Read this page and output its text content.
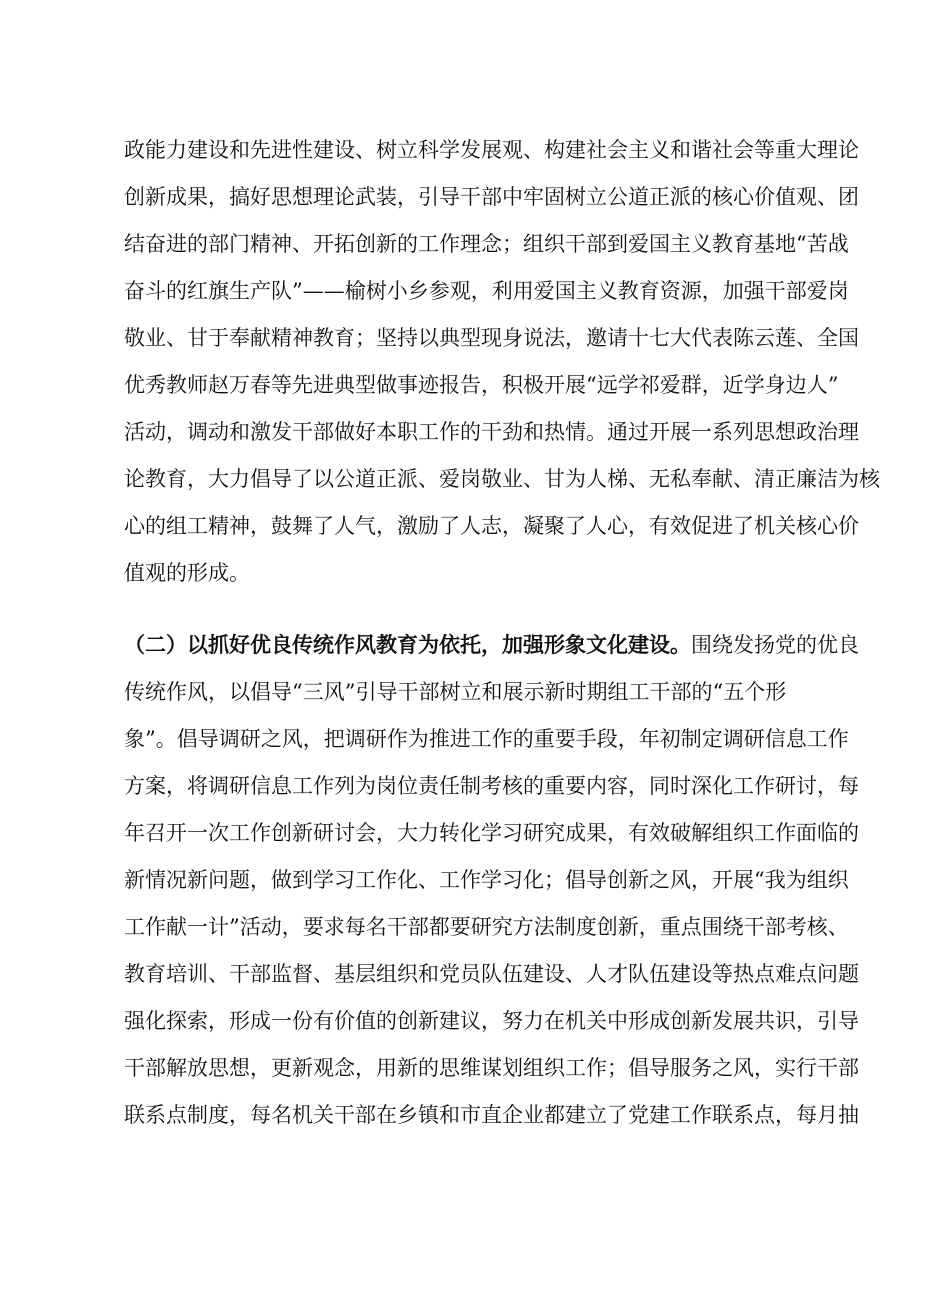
政能力建设和先进性建设、树立科学发展观、构建社会主义和谐社会等重大理论
创新成果，搞好思想理论武装，引导干部中牢固树立公道正派的核心价值观、团
结奋进的部门精神、开拓创新的工作理念；组织干部到爱国主义教育基地“苦战
奋斗的红旗生产队”——榆树小乡参观，利用爱国主义教育资源，加强干部爱岗
敬业、甘于奉献精神教育；坚持以典型现身说法，邀请十七大代表陈云莲、全国
优秀教师赵万春等先进典型做事迹报告，积极开展“远学祁爱群，近学身边人”
活动，调动和激发干部做好本职工作的干劲和热情。通过开展一系列思想政治理
论教育，大力倡导了以公道正派、爱岗敬业、甘为人梯、无私奉献、清正廉洁为核
心的组工精神，鼓舞了人气，激励了人志，凝聚了人心，有效促进了机关核心价
值观的形成。
（二）以抓好优良传统作风教育为依托，加强形象文化建设。围绕发扬党的优良
传统作风，以倡导“三风”引导干部树立和展示新时期组工干部的“五个形
象”。倡导调研之风，把调研作为推进工作的重要手段，年初制定调研信息工作
方案，将调研信息工作列为岗位责任制考核的重要内容，同时深化工作研讨，每
年召开一次工作创新研讨会，大力转化学习研究成果，有效破解组织工作面临的
新情况新问题，做到学习工作化、工作学习化；倡导创新之风，开展“我为组织
工作献一计”活动，要求每名干部都要研究方法制度创新，重点围绕干部考核、
教育培训、干部监督、基层组织和党员队伍建设、人才队伍建设等热点难点问题
强化探索，形成一份有价值的创新建议，努力在机关中形成创新发展共识，引导
干部解放思想，更新观念，用新的思维谋划组织工作；倡导服务之风，实行干部
联系点制度，每名机关干部在乡镇和市直企业都建立了党建工作联系点，每月抽
